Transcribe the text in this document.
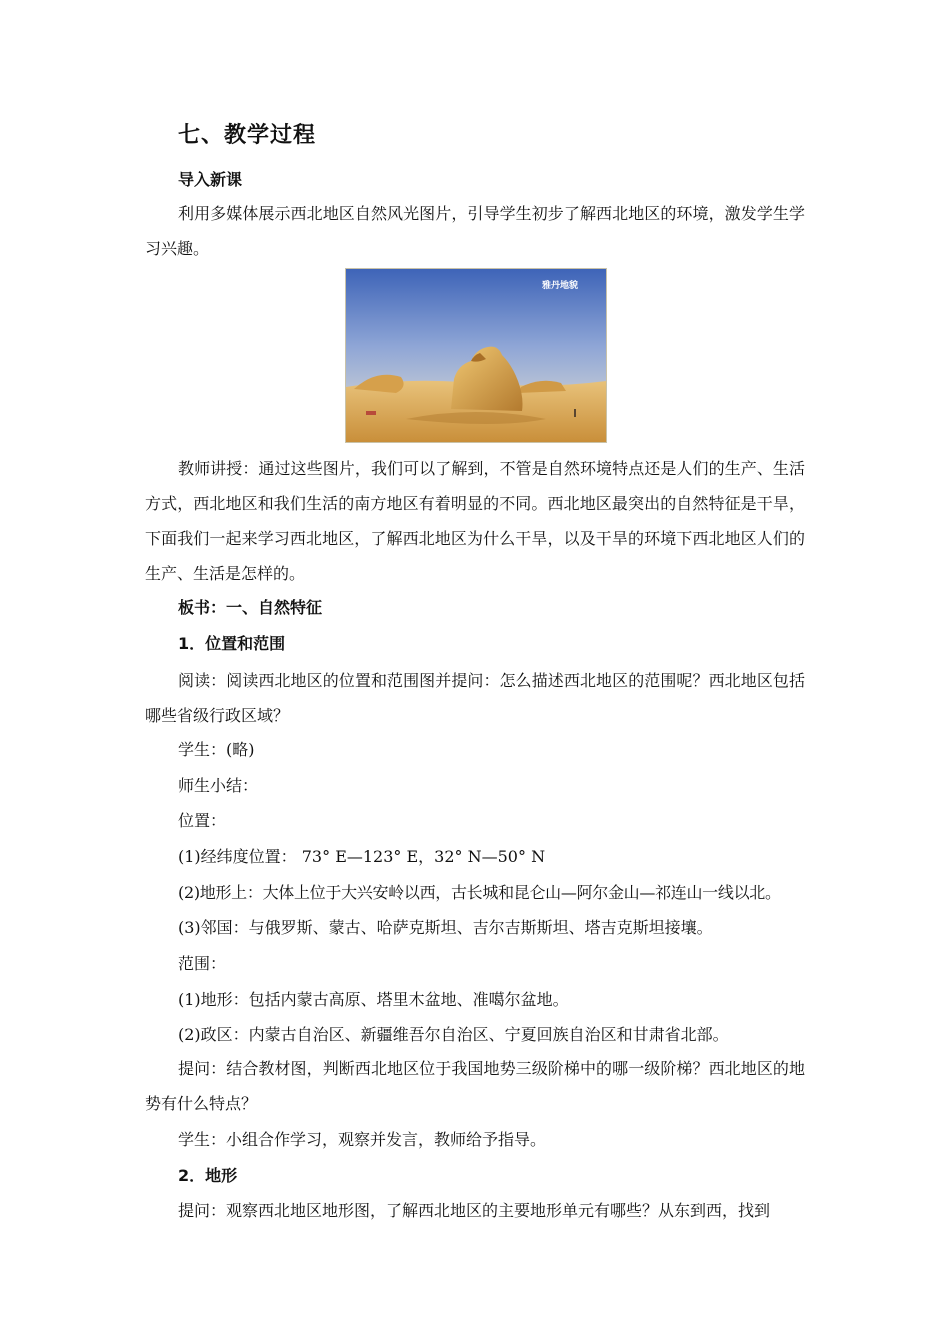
七、教学过程
导入新课

利用多媒体展示西北地区自然风光图片，引导学生初步了解西北地区的环境，激发学生学习兴趣。

雅丹地貌

教师讲授：通过这些图片，我们可以了解到，不管是自然环境特点还是人们的生产、生活方式，西北地区和我们生活的南方地区有着明显的不同。西北地区最突出的自然特征是干旱，下面我们一起来学习西北地区，了解西北地区为什么干旱，以及干旱的环境下西北地区人们的生产、生活是怎样的。

板书：一、自然特征
1．位置和范围

阅读：阅读西北地区的位置和范围图并提问：怎么描述西北地区的范围呢？西北地区包括哪些省级行政区域？

学生：(略)
师生小结：
位置：
(1)经纬度位置： 73° E—123° E，32° N—50° N
(2)地形上：大体上位于大兴安岭以西，古长城和昆仑山—阿尔金山—祁连山一线以北。
(3)邻国：与俄罗斯、蒙古、哈萨克斯坦、吉尔吉斯斯坦、塔吉克斯坦接壤。
范围：
(1)地形：包括内蒙古高原、塔里木盆地、准噶尔盆地。
(2)政区：内蒙古自治区、新疆维吾尔自治区、宁夏回族自治区和甘肃省北部。

提问：结合教材图，判断西北地区位于我国地势三级阶梯中的哪一级阶梯？西北地区的地势有什么特点？

学生：小组合作学习，观察并发言，教师给予指导。
2．地形

提问：观察西北地区地形图，了解西北地区的主要地形单元有哪些？从东到西，找到
